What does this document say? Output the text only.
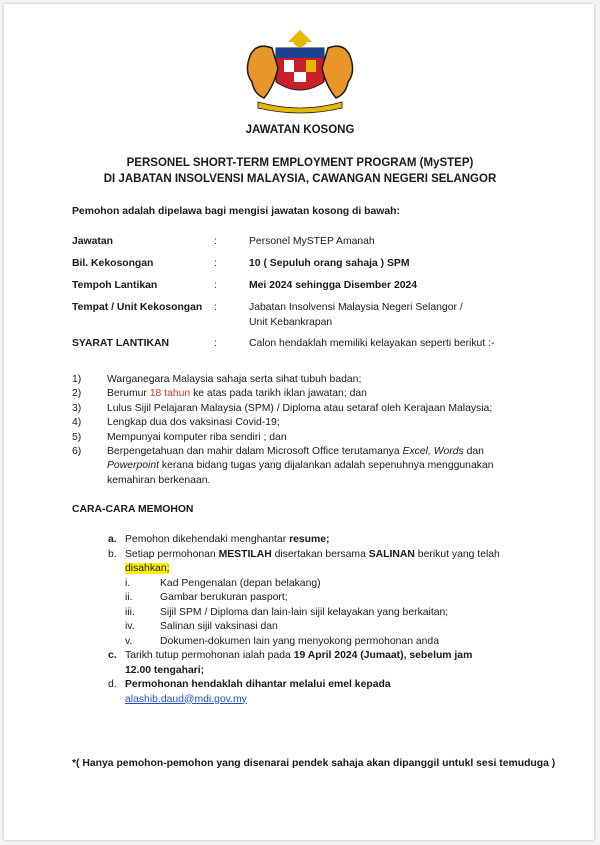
JAWATAN KOSONG
PERSONEL SHORT-TERM EMPLOYMENT PROGRAM (MySTEP)
DI JABATAN INSOLVENSI MALAYSIA, CAWANGAN NEGERI SELANGOR
Pemohon adalah dipelawa bagi mengisi jawatan kosong di bawah:
Jawatan	:	Personel MySTEP Amanah
Bil. Kekosongan	:	10 ( Sepuluh orang sahaja ) SPM
Tempoh Lantikan	:	Mei 2024 sehingga Disember 2024
Tempat / Unit Kekosongan :	Jabatan Insolvensi Malaysia Negeri Selangor /
Unit Kebankrapan
SYARAT LANTIKAN	:	Calon hendaklah memiliki kelayakan seperti berikut :-
1) Warganegara Malaysia sahaja serta sihat tubuh badan;
2) Berumur 18 tahun ke atas pada tarikh iklan jawatan; dan
3) Lulus Sijil Pelajaran Malaysia (SPM) / Diploma atau setaraf oleh Kerajaan Malaysia;
4) Lengkap dua dos vaksinasi Covid-19;
5) Mempunyai komputer riba sendiri ; dan
6) Berpengetahuan dan mahir dalam Microsoft Office terutamanya Excel, Words dan
Powerpoint kerana bidang tugas yang dijalankan adalah sepenuhnya menggunakan
kemahiran berkenaan.
CARA-CARA MEMOHON
a. Pemohon dikehendaki menghantar resume;
b. Setiap permohonan MESTILAH disertakan bersama SALINAN berikut yang telah
disahkan;
i.	Kad Pengenalan (depan belakang)
ii.	Gambar berukuran pasport;
iii. Sijil SPM / Diploma dan lain-lain sijil kelayakan yang berkaitan;
iv. Salinan sijil vaksinasi dan
v.	Dokumen-dokumen lain yang menyokong permohonan anda
c. Tarikh tutup permohonan ialah pada 19 April 2024 (Jumaat), sebelum jam
12.00 tengahari;
d. Permohonan hendaklah dihantar melalui emel kepada
alashib.daud@mdi.gov.my
*( Hanya pemohon-pemohon yang disenarai pendek sahaja akan dipanggil untukl sesi temuduga )
